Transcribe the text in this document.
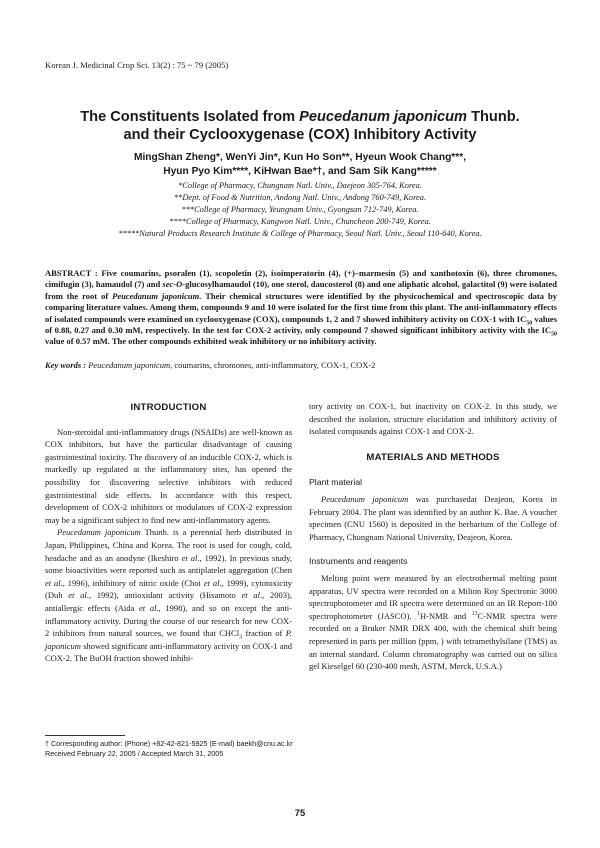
Korean J. Medicinal Crop Sci. 13(2) : 75 ~ 79 (2005)
The Constituents Isolated from Peucedanum japonicum Thunb.
and their Cyclooxygenase (COX) Inhibitory Activity
MingShan Zheng*, WenYi Jin*, Kun Ho Son**, Hyeun Wook Chang***,
Hyun Pyo Kim****, KiHwan Bae*†, and Sam Sik Kang*****
*College of Pharmacy, Chungnam Natl. Univ., Daejeon 305-764, Korea.
**Dept. of Food & Nutrition, Andong Natl. Univ., Andong 760-749, Korea.
***College of Pharmacy, Yeungnam Univ., Gyongsan 712-749, Korea.
****College of Pharmacy, Kangwon Natl. Univ., Chuncheon 200-749, Korea.
*****Natural Products Research Institute & College of Pharmacy, Seoul Natl. Univ., Seoul 110-640, Korea.
ABSTRACT : Five coumarins, psoralen (1), scopoletin (2), isoimperatorin (4), (+)–marmesin (5) and xanthotoxin (6), three chromones, cimifugin (3), hamaudol (7) and sec-O-glucosylhamaudol (10), one sterol, daucosterol (8) and one aliphatic alcohol, galactitol (9) were isolated from the root of Peucedanum japonicum. Their chemical structures were identified by the physicochemical and spectroscopic data by comparing literature values. Among them, compounds 9 and 10 were isolated for the first time from this plant. The anti-inflammatory effects of isolated compounds were examined on cyclooxygenase (COX), compounds 1, 2 and 7 showed inhibitory activity on COX-1 with $IC_{50}$ values of 0.88, 0.27 and 0.30 mM, respectively. In the test for COX-2 activity, only compound 7 showed significant inhibitory activity with the $IC_{50}$ value of 0.57 mM. The other compounds exhibited weak inhibitory or no inhibitory activity.
Key words : Peucedanum japonicum, coumarins, chromones, anti-inflammatory, COX-1, COX-2
INTRODUCTION

Non-steroidal anti-inflammatory drugs (NSAIDs) are well-known as COX inhibitors, but have the particular disadvantage of causing gastrointestinal toxicity. The discovery of an inducible COX-2, which is markedly up regulated at the inflammatory sites, has opened the possibility for discovering selective inhibitors with reduced gastrointestinal side effects. In accordance with this respect, development of COX-2 inhibitors or modulators of COX-2 expression may be a significant subject to find new anti-inflammatory agents.

Peucedanum japonicum Thunb. is a perennial herb distributed in Japan, Philippines, China and Korea. The root is used for cough, cold, headache and as an anodyne (Ikeshiro et al., 1992). In previous study, some bioactivities were reported such as antiplatelet aggregation (Chen et al., 1996), inhibitory of nitric oxide (Choi et al., 1999), cytotoxicity (Duh et al., 1992), antioxidant activity (Hisamoto et al., 2003), antiallergic effects (Aida et al., 1998), and so on except the anti-inflammatory activity. During the course of our research for new COX-2 inhibitors from natural sources, we found that CHCl$_3$ fraction of P. japonicum showed significant anti-inflammatory activity on COX-1 and COX-2. The BuOH fraction showed inhibi-

tory activity on COX-1, but inactivity on COX-2. In this study, we described the isolation, structure elucidation and inhibitory activity of isolated compounds against COX-1 and COX-2.

MATERIALS AND METHODS
Plant material

Peucedanum japonicum was purchasedat Deajeon, Korea in February 2004. The plant was identified by an author K. Bae. A voucher specimen (CNU 1560) is deposited in the herbarium of the College of Pharmacy, Chungnam National University, Deajeon, Korea.

Instruments and reagents

Melting point were measured by an electrothermal melting point apparatus, UV spectra were recorded on a Milton Roy Spectronic 3000 spectrophotometer and IR spectra were determined on an IR Report-100 spectrophotometer (JASCO). $^1$H-NMR and $^{13}$C-NMR spectra were recorded on a Bruker NMR DRX 400, with the chemical shift being represented in parts per million (ppm, ) with tetramethylsilane (TMS) as an internal standard. Column chromatography was carried out on silica gel Kieselgel 60 (230-400 mesh, ASTM, Merck, U.S.A.)

† Corresponding author: (Phone) +82-42-821-5925 (E-mail) baekh@cnu.ac.kr
Received February 22, 2005 / Accepted March 31, 2005
75
